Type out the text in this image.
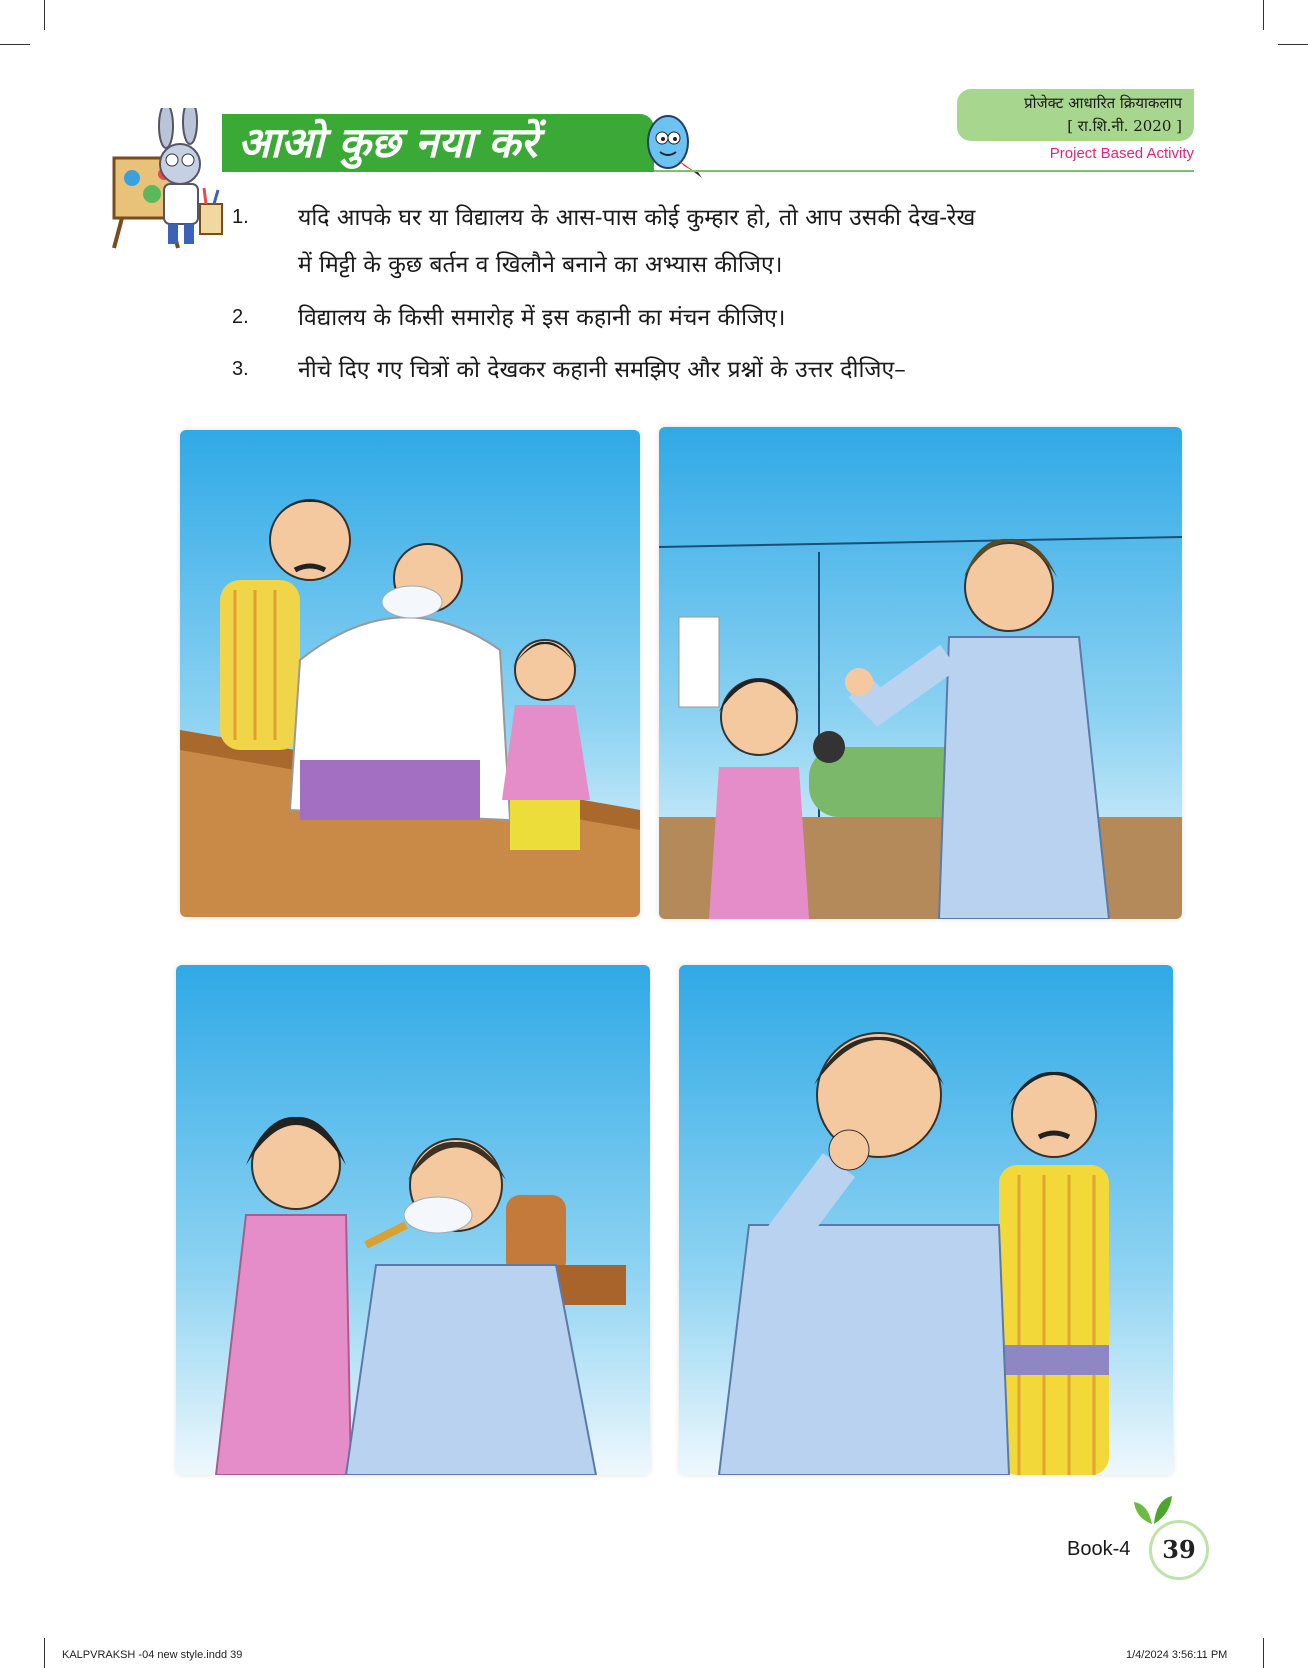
आओ कुछ नया करें
प्रोजेक्ट आधारित क्रियाकलाप
[ रा.शि.नी. 2020 ]
Project Based Activity
1. यदि आपके घर या विद्यालय के आस-पास कोई कुम्हार हो, तो आप उसकी देख-रेख
में मिट्टी के कुछ बर्तन व खिलौने बनाने का अभ्यास कीजिए।
2. विद्यालय के किसी समारोह में इस कहानी का मंचन कीजिए।
3. नीचे दिए गए चित्रों को देखकर कहानी समझिए और प्रश्नों के उत्तर दीजिए–
Book-4	39
KALPVRAKSH -04 new style.indd 39	1/4/2024 3:56:11 PM
